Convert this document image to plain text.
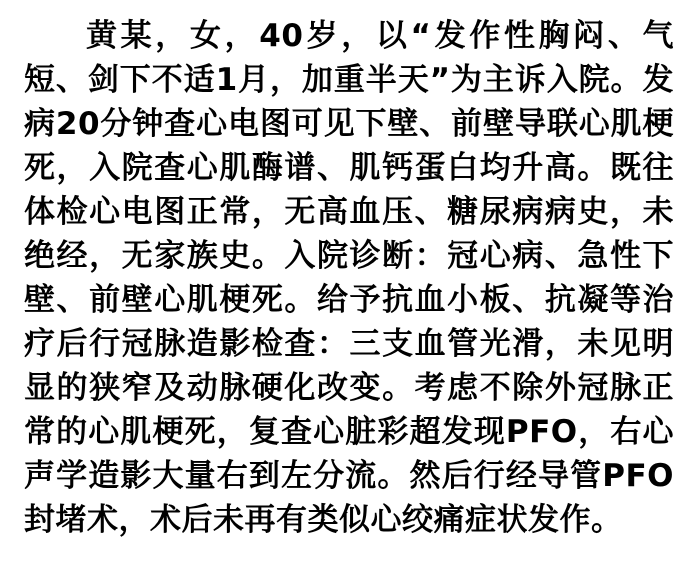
黄某，女，40岁，以“发作性胸闷、气短、剑下不适1月，加重半天”为主诉入院。发病20分钟查心电图可见下壁、前壁导联心肌梗死，入院查心肌酶谱、肌钙蛋白均升高。既往体检心电图正常，无高血压、糖尿病病史，未绝经，无家族史。入院诊断：冠心病、急性下壁、前壁心肌梗死。给予抗血小板、抗凝等治疗后行冠脉造影检查：三支血管光滑，未见明显的狭窄及动脉硬化改变。考虑不除外冠脉正常的心肌梗死，复查心脏彩超发现PFO，右心声学造影大量右到左分流。然后行经导管PFO封堵术，术后未再有类似心绞痛症状发作。
